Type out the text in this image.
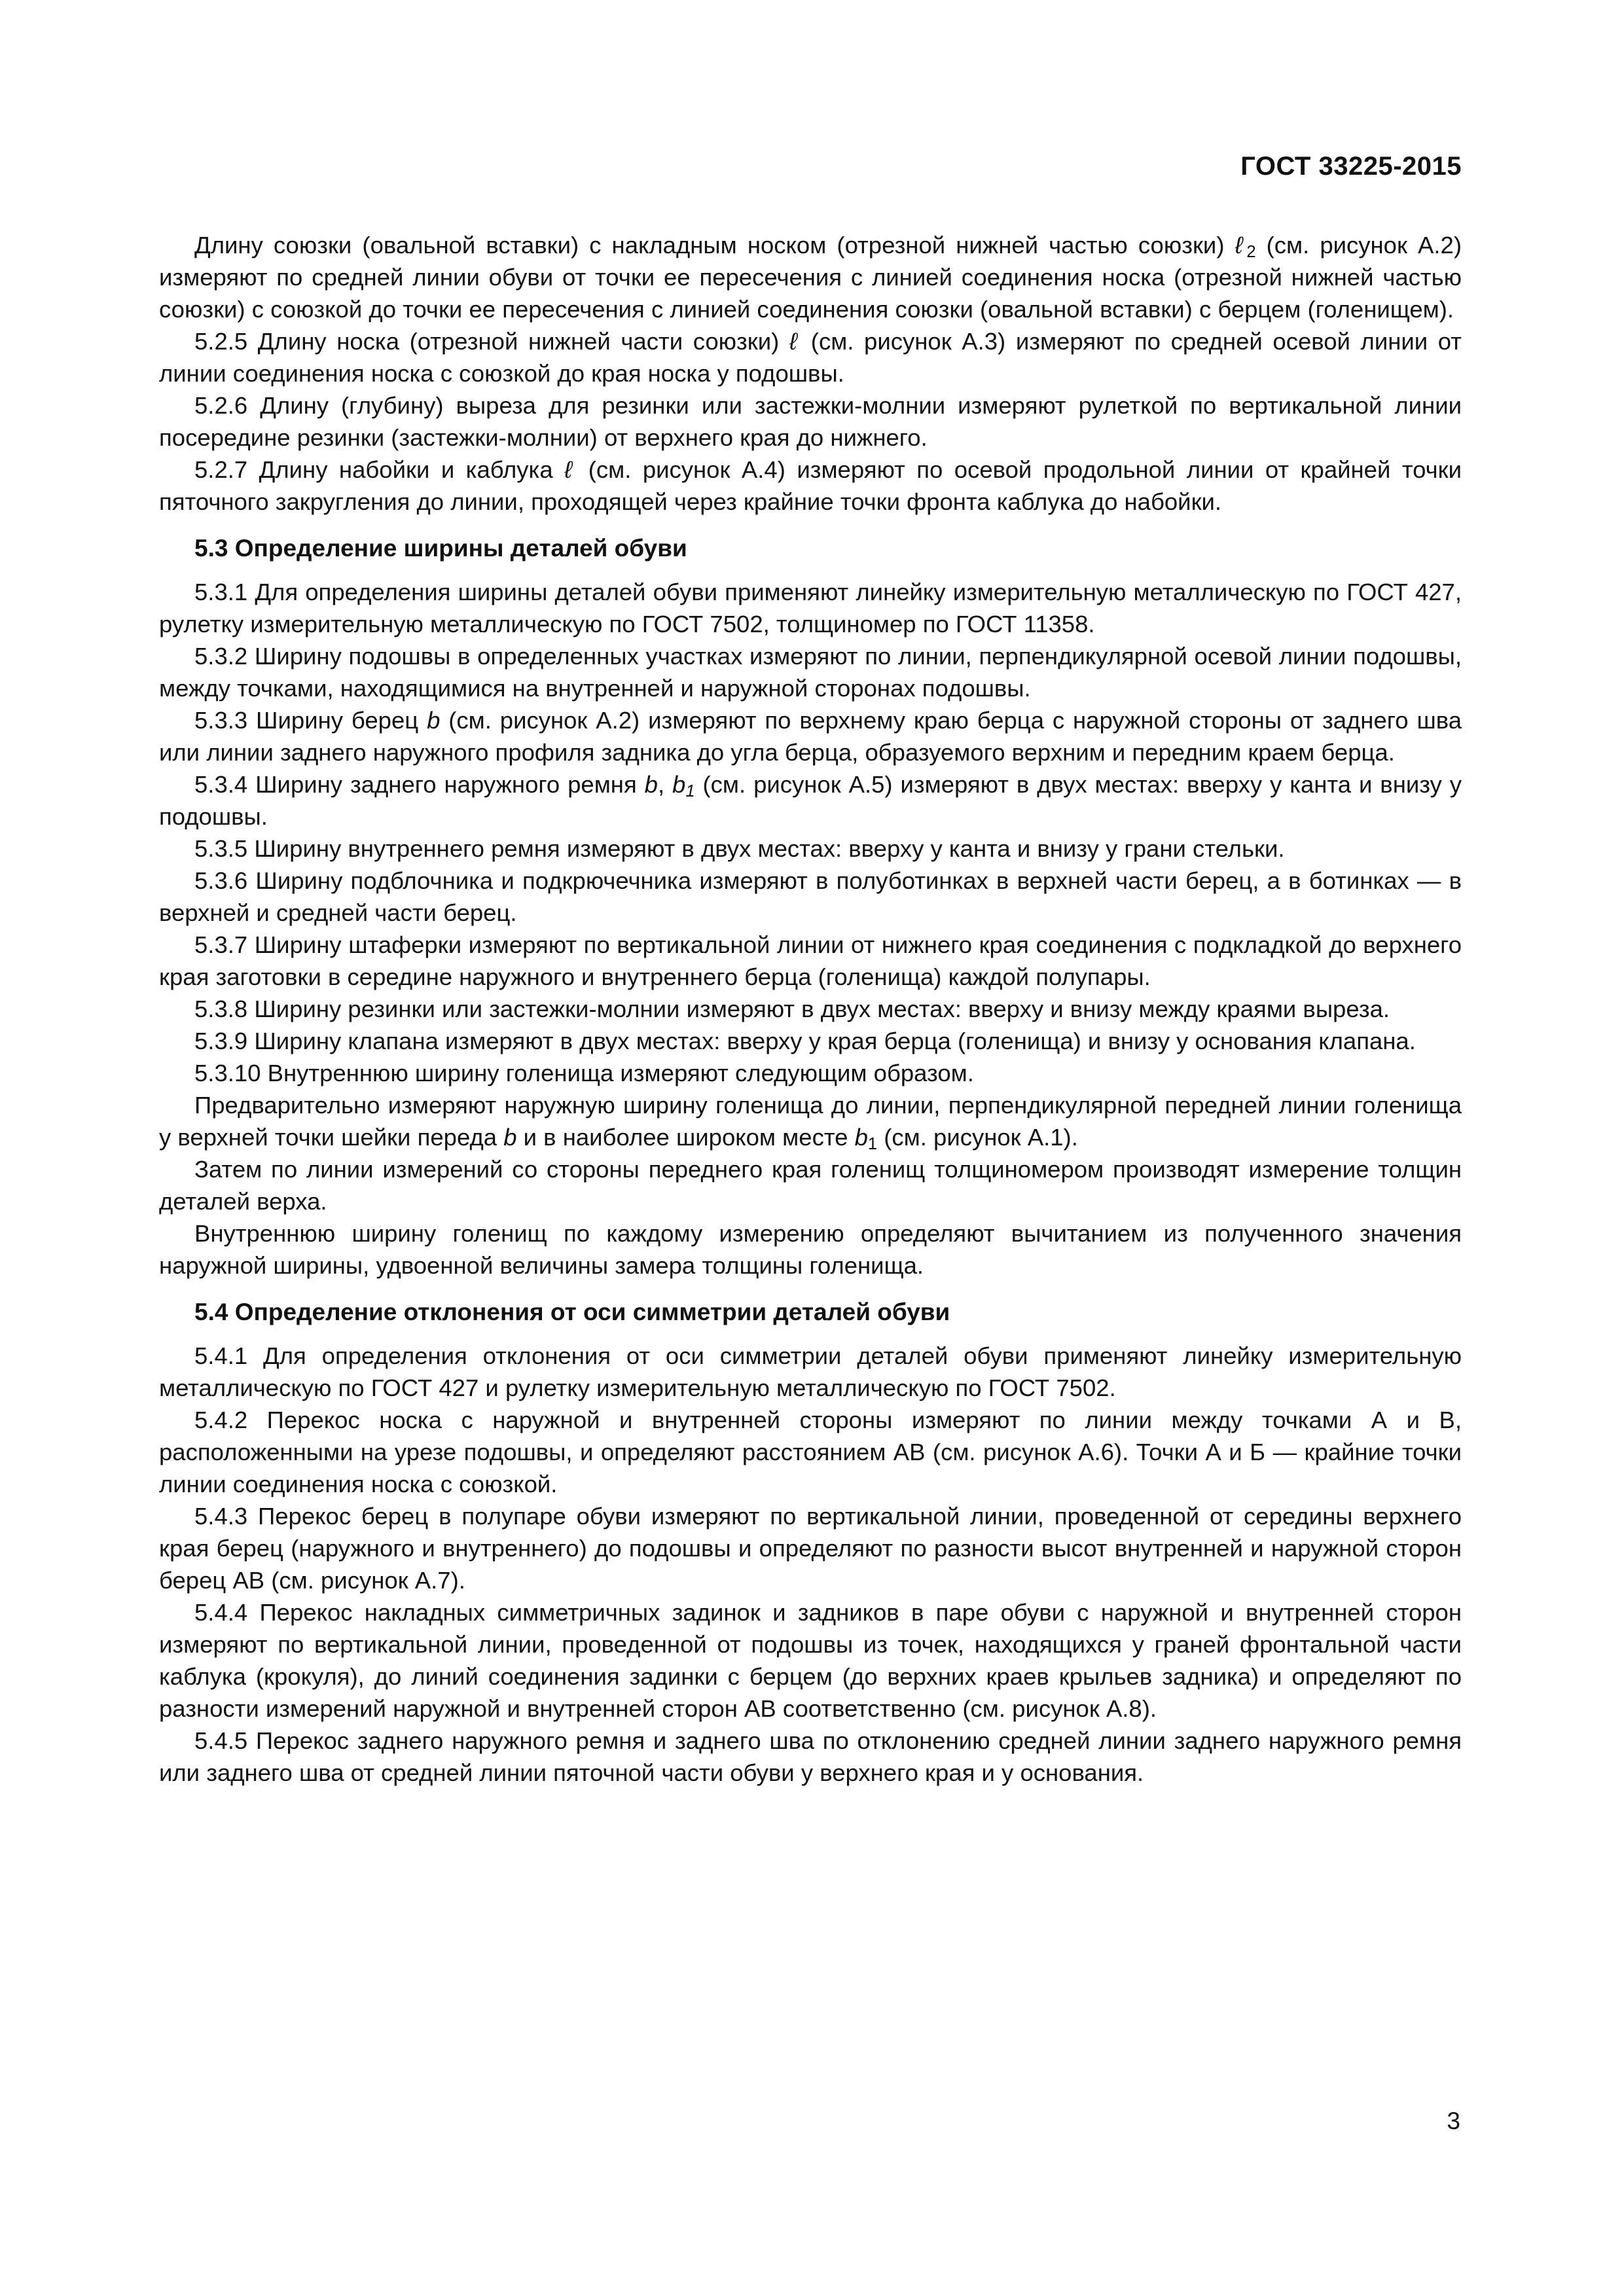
ГОСТ 33225-2015

Длину союзки (овальной вставки) с накладным носком (отрезной нижней частью союзки) ℓ$_2$ (см. рисунок А.2) измеряют по средней линии обуви от точки ее пересечения с линией соединения носка (отрезной нижней частью союзки) с союзкой до точки ее пересечения с линией соединения союзки (овальной вставки) с берцем (голенищем).

5.2.5 Длину носка (отрезной нижней части союзки) ℓ (см. рисунок А.3) измеряют по средней осевой линии от линии соединения носка с союзкой до края носка у подошвы.

5.2.6 Длину (глубину) выреза для резинки или застежки-молнии измеряют рулеткой по вертикальной линии посередине резинки (застежки-молнии) от верхнего края до нижнего.

5.2.7 Длину набойки и каблука ℓ (см. рисунок А.4) измеряют по осевой продольной линии от крайней точки пяточного закругления до линии, проходящей через крайние точки фронта каблука до набойки.

5.3 Определение ширины деталей обуви

5.3.1 Для определения ширины деталей обуви применяют линейку измерительную металлическую по ГОСТ 427, рулетку измерительную металлическую по ГОСТ 7502, толщиномер по ГОСТ 11358.

5.3.2 Ширину подошвы в определенных участках измеряют по линии, перпендикулярной осевой линии подошвы, между точками, находящимися на внутренней и наружной сторонах подошвы.

5.3.3 Ширину берец b (см. рисунок А.2) измеряют по верхнему краю берца с наружной стороны от заднего шва или линии заднего наружного профиля задника до угла берца, образуемого верхним и передним краем берца.

5.3.4 Ширину заднего наружного ремня b, $b_1$ (см. рисунок А.5) измеряют в двух местах: вверху у канта и внизу у подошвы.

5.3.5 Ширину внутреннего ремня измеряют в двух местах: вверху у канта и внизу у грани стельки.

5.3.6 Ширину подблочника и подкрючечника измеряют в полуботинках в верхней части берец, а в ботинках — в верхней и средней части берец.

5.3.7 Ширину штаферки измеряют по вертикальной линии от нижнего края соединения с подкладкой до верхнего края заготовки в середине наружного и внутреннего берца (голенища) каждой полупары.

5.3.8 Ширину резинки или застежки-молнии измеряют в двух местах: вверху и внизу между краями выреза.

5.3.9 Ширину клапана измеряют в двух местах: вверху у края берца (голенища) и внизу у основания клапана.

5.3.10 Внутреннюю ширину голенища измеряют следующим образом.

Предварительно измеряют наружную ширину голенища до линии, перпендикулярной передней линии голенища у верхней точки шейки переда b и в наиболее широком месте $b_1$ (см. рисунок А.1).

Затем по линии измерений со стороны переднего края голенищ толщиномером производят измерение толщин деталей верха.

Внутреннюю ширину голенищ по каждому измерению определяют вычитанием из полученного значения наружной ширины, удвоенной величины замера толщины голенища.

5.4 Определение отклонения от оси симметрии деталей обуви

5.4.1 Для определения отклонения от оси симметрии деталей обуви применяют линейку измерительную металлическую по ГОСТ 427 и рулетку измерительную металлическую по ГОСТ 7502.

5.4.2 Перекос носка с наружной и внутренней стороны измеряют по линии между точками А и В, расположенными на урезе подошвы, и определяют расстоянием АВ (см. рисунок А.6). Точки А и Б — крайние точки линии соединения носка с союзкой.

5.4.3 Перекос берец в полупаре обуви измеряют по вертикальной линии, проведенной от середины верхнего края берец (наружного и внутреннего) до подошвы и определяют по разности высот внутренней и наружной сторон берец АВ (см. рисунок А.7).

5.4.4 Перекос накладных симметричных задинок и задников в паре обуви с наружной и внутренней сторон измеряют по вертикальной линии, проведенной от подошвы из точек, находящихся у граней фронтальной части каблука (крокуля), до линий соединения задинки с берцем (до верхних краев крыльев задника) и определяют по разности измерений наружной и внутренней сторон АВ соответственно (см. рисунок А.8).

5.4.5 Перекос заднего наружного ремня и заднего шва по отклонению средней линии заднего наружного ремня или заднего шва от средней линии пяточной части обуви у верхнего края и у основания.

3
